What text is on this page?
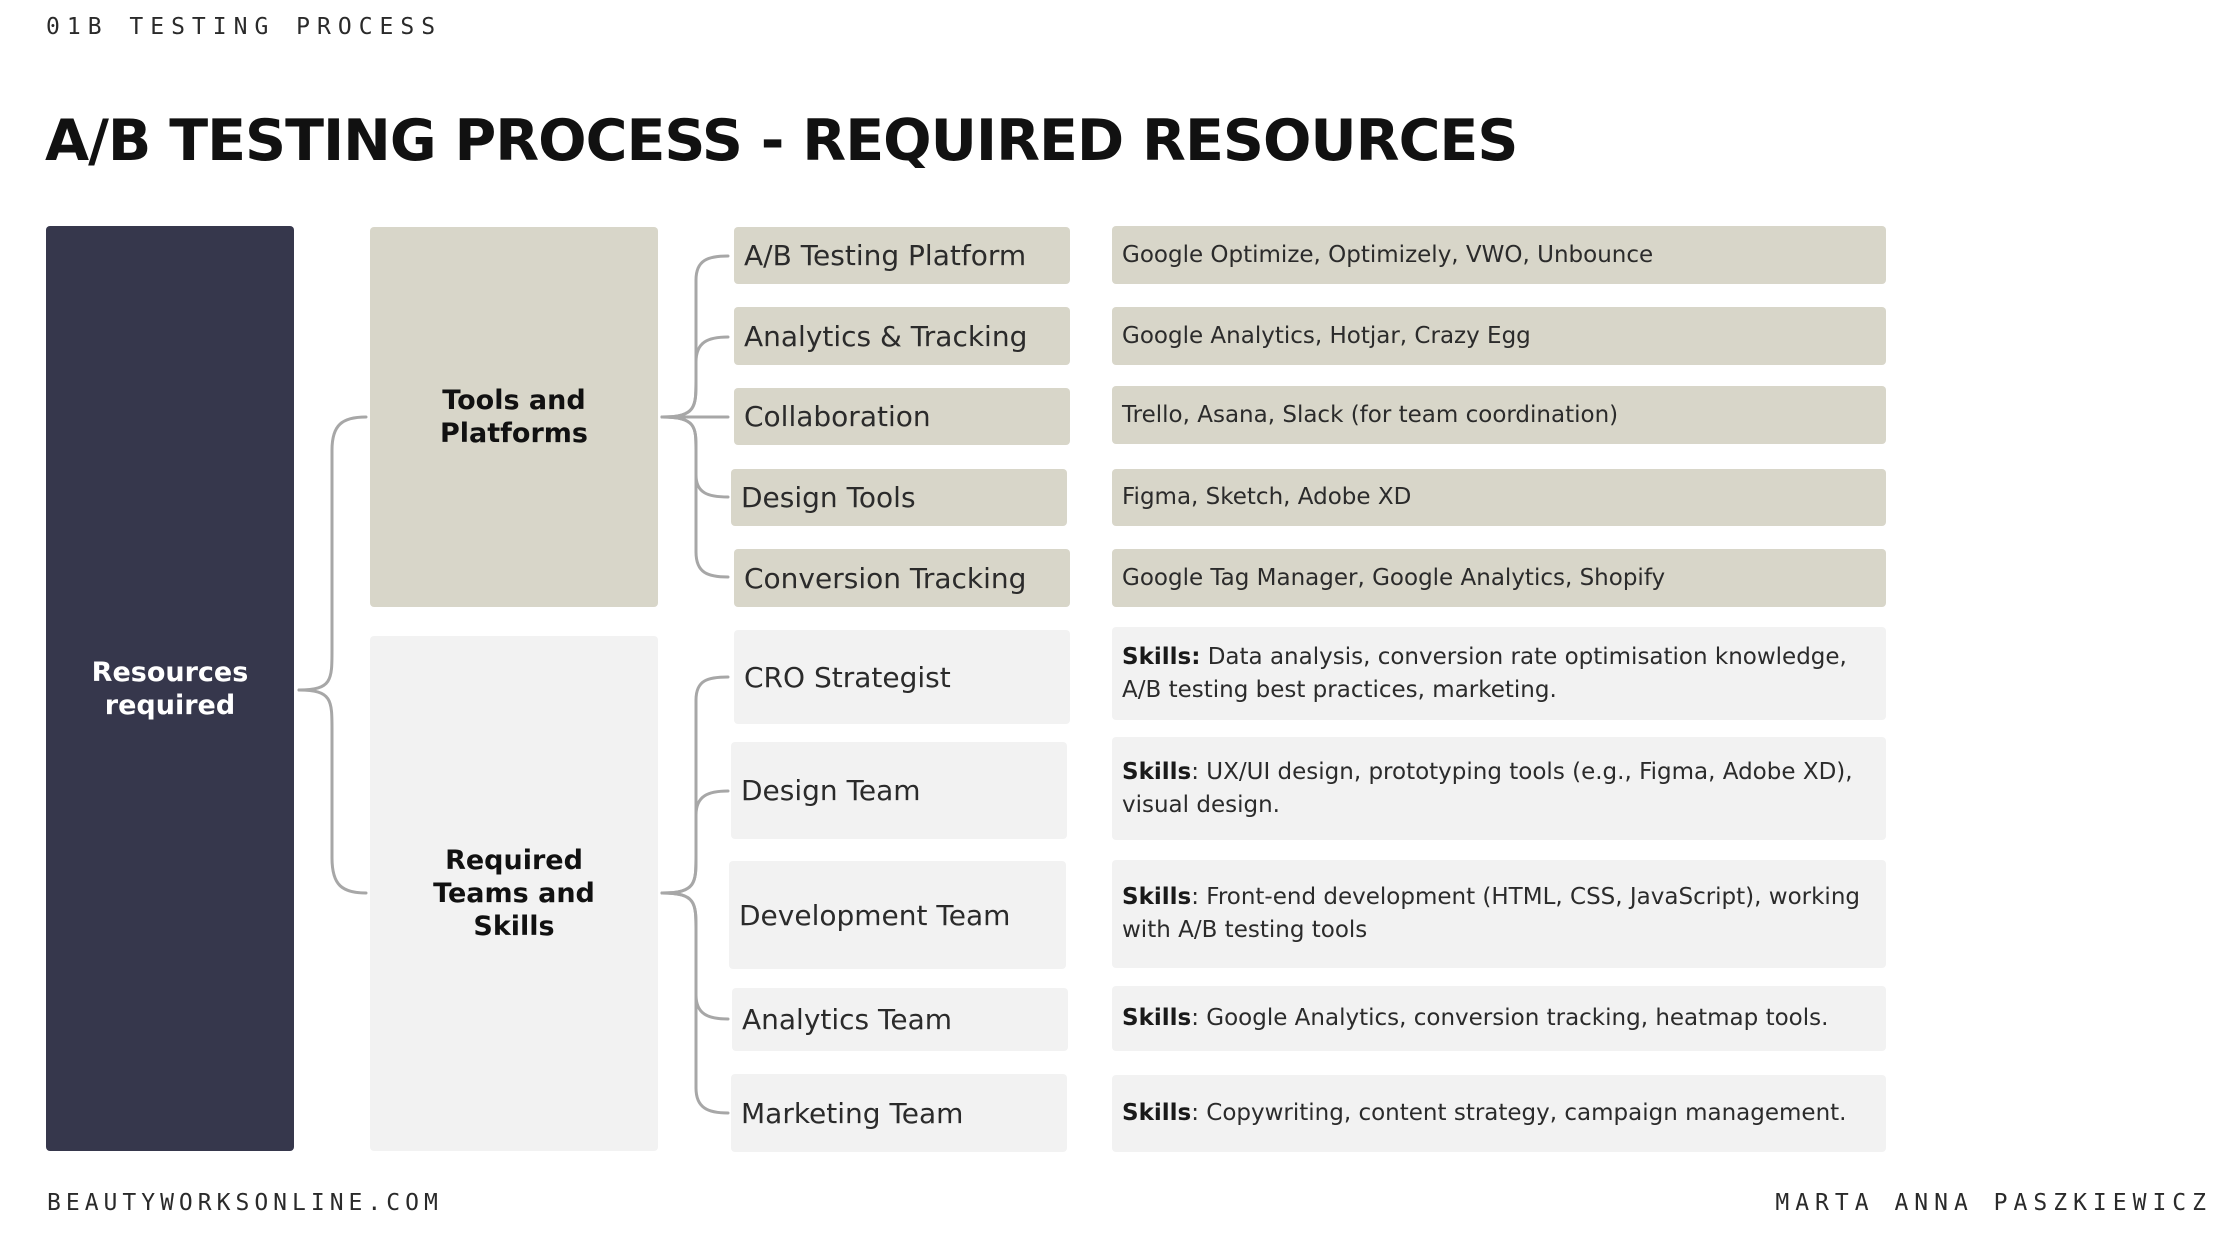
01B TESTING PROCESS
A/B TESTING PROCESS - REQUIRED RESOURCES
Resources required
Tools and Platforms
Required Teams and Skills
A/B Testing Platform
Analytics & Tracking
Collaboration
Design Tools
Conversion Tracking
Google Optimize, Optimizely, VWO, Unbounce
Google Analytics, Hotjar, Crazy Egg
Trello, Asana, Slack (for team coordination)
Figma, Sketch, Adobe XD
Google Tag Manager, Google Analytics, Shopify
CRO Strategist
Design Team
Development Team
Analytics Team
Marketing Team
Skills: Data analysis, conversion rate optimisation knowledge, A/B testing best practices, marketing.
Skills: UX/UI design, prototyping tools (e.g., Figma, Adobe XD), visual design.
Skills: Front-end development (HTML, CSS, JavaScript), working with A/B testing tools
Skills: Google Analytics, conversion tracking, heatmap tools.
Skills: Copywriting, content strategy, campaign management.
BEAUTYWORKSONLINE.COM	MARTA ANNA PASZKIEWICZ
